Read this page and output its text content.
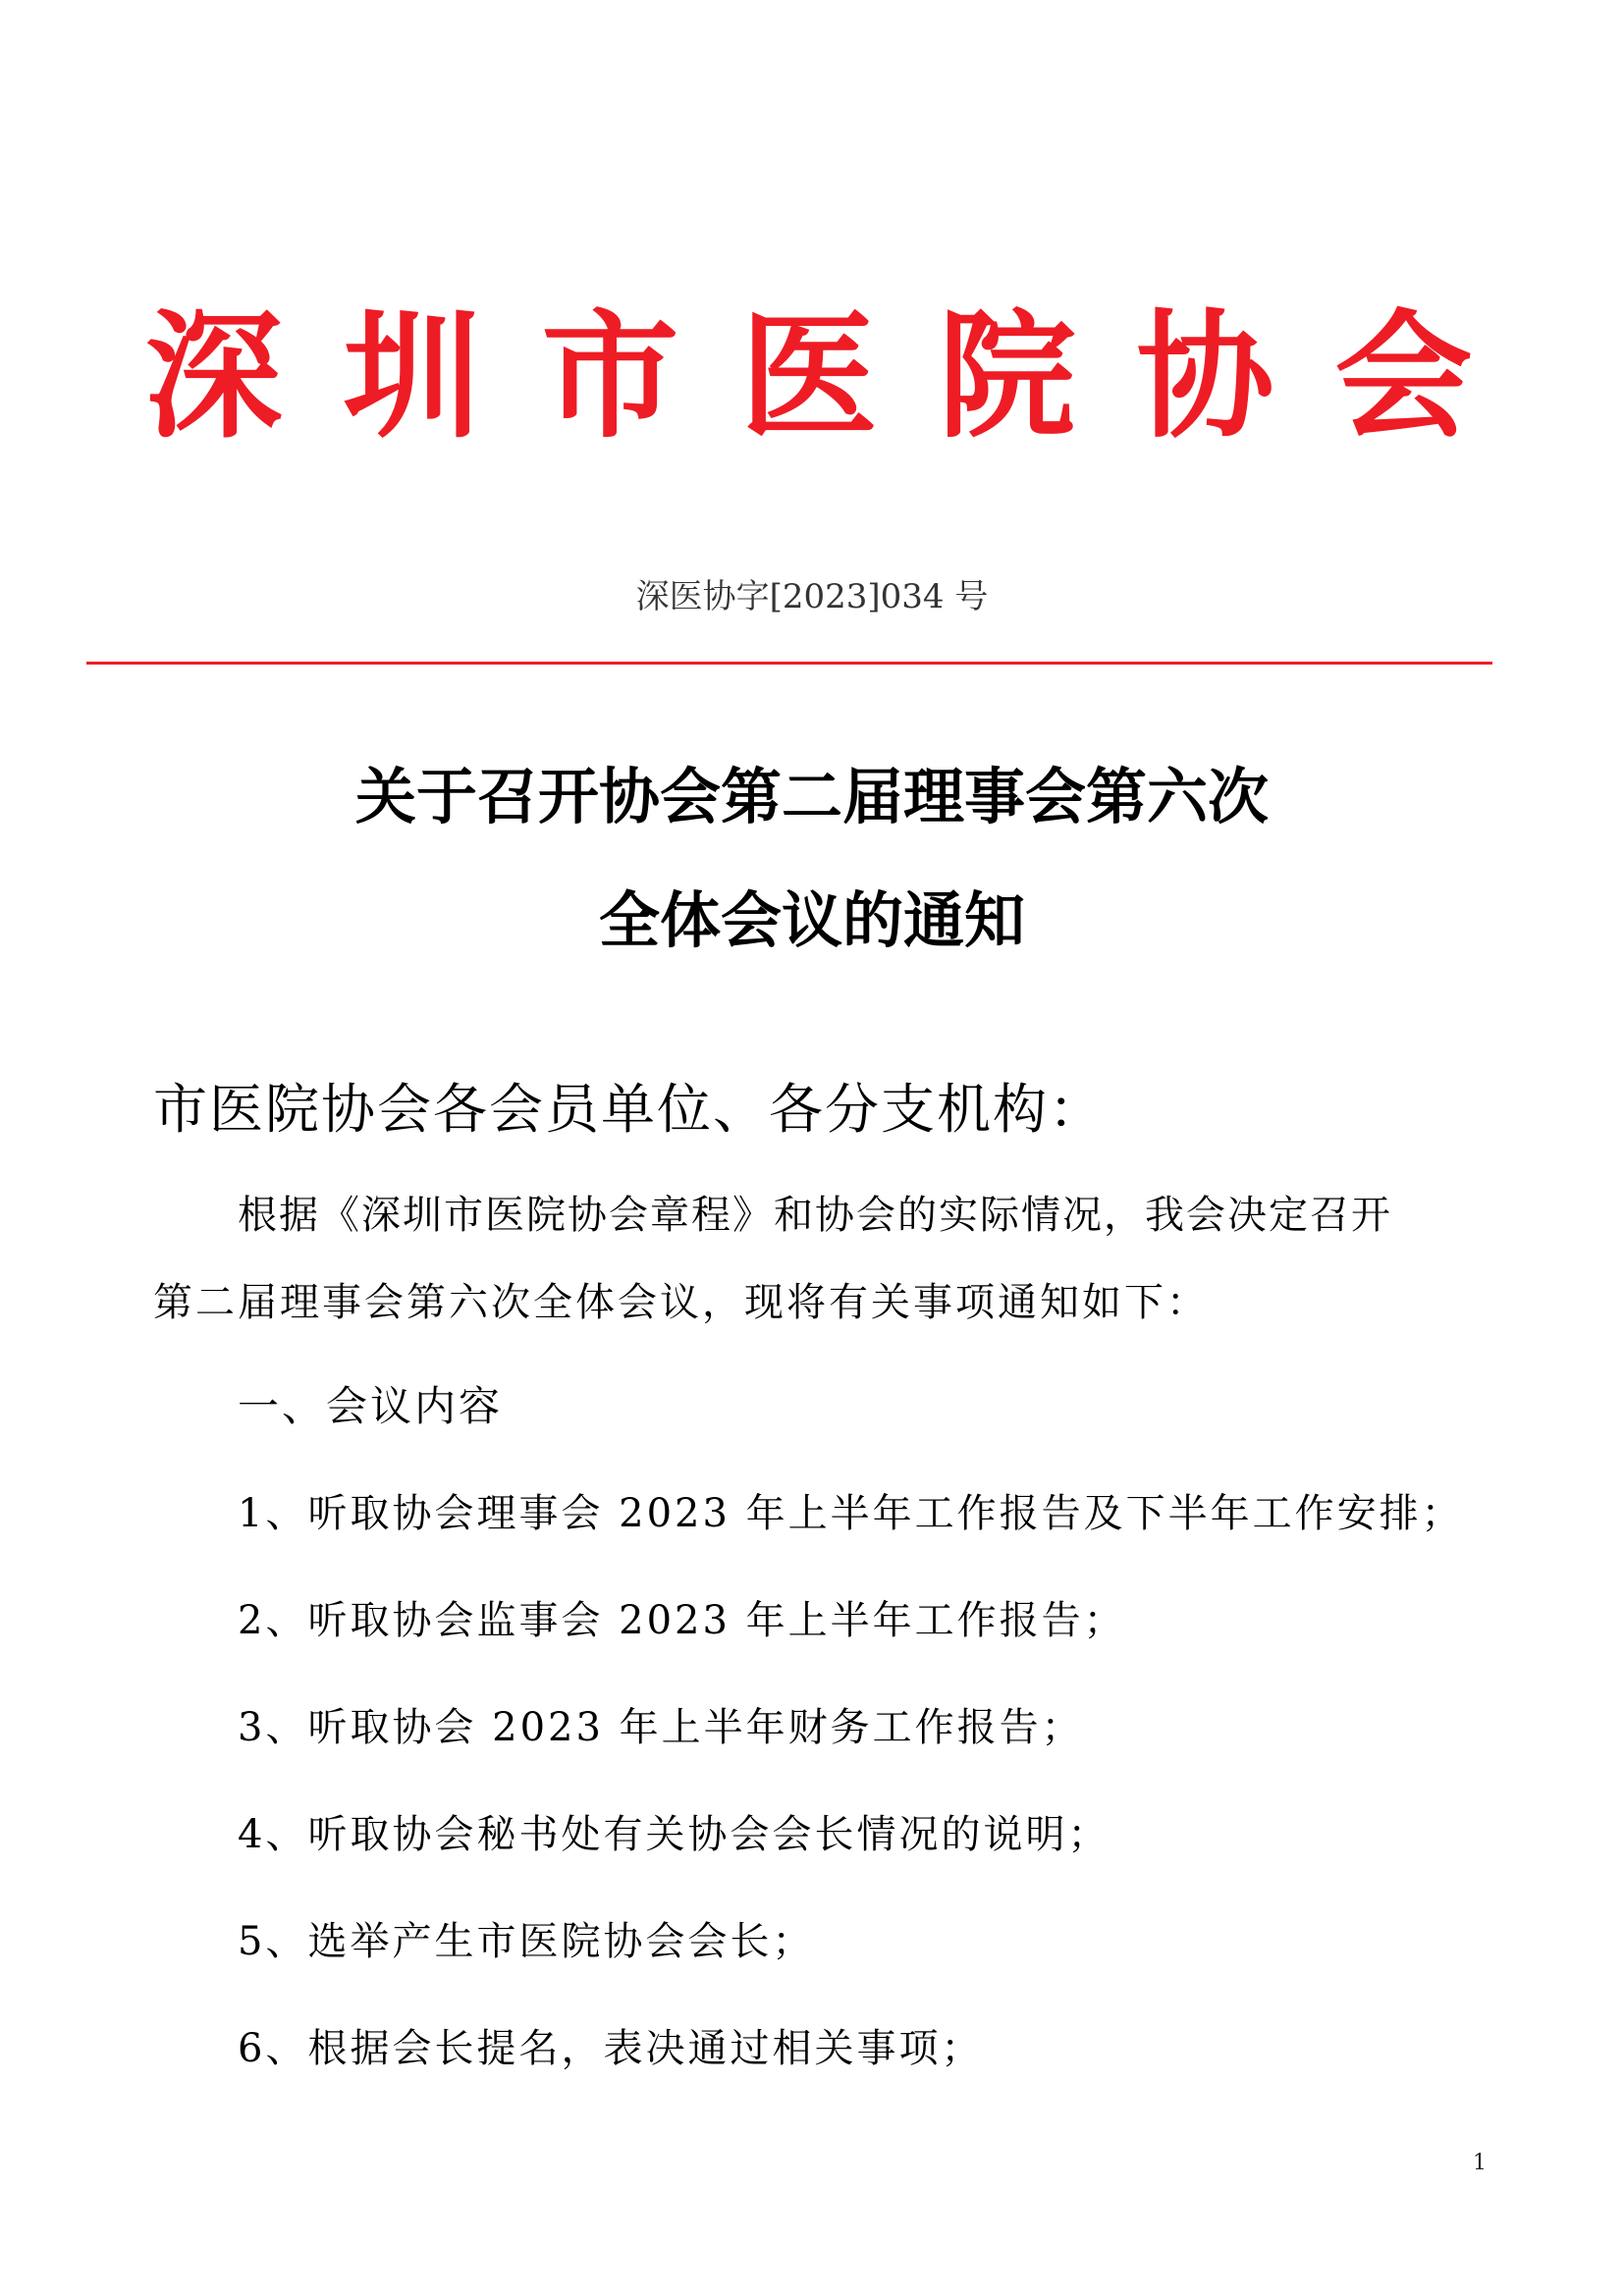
深圳市医院协会
深医协字[2023]034 号
关于召开协会第二届理事会第六次
全体会议的通知
市医院协会各会员单位、各分支机构：
根据《深圳市医院协会章程》和协会的实际情况，我会决定召开
第二届理事会第六次全体会议，现将有关事项通知如下：
一、会议内容
1、听取协会理事会 2023 年上半年工作报告及下半年工作安排；
2、听取协会监事会 2023 年上半年工作报告；
3、听取协会 2023 年上半年财务工作报告；
4、听取协会秘书处有关协会会长情况的说明；
5、选举产生市医院协会会长；
6、根据会长提名，表决通过相关事项；
1
